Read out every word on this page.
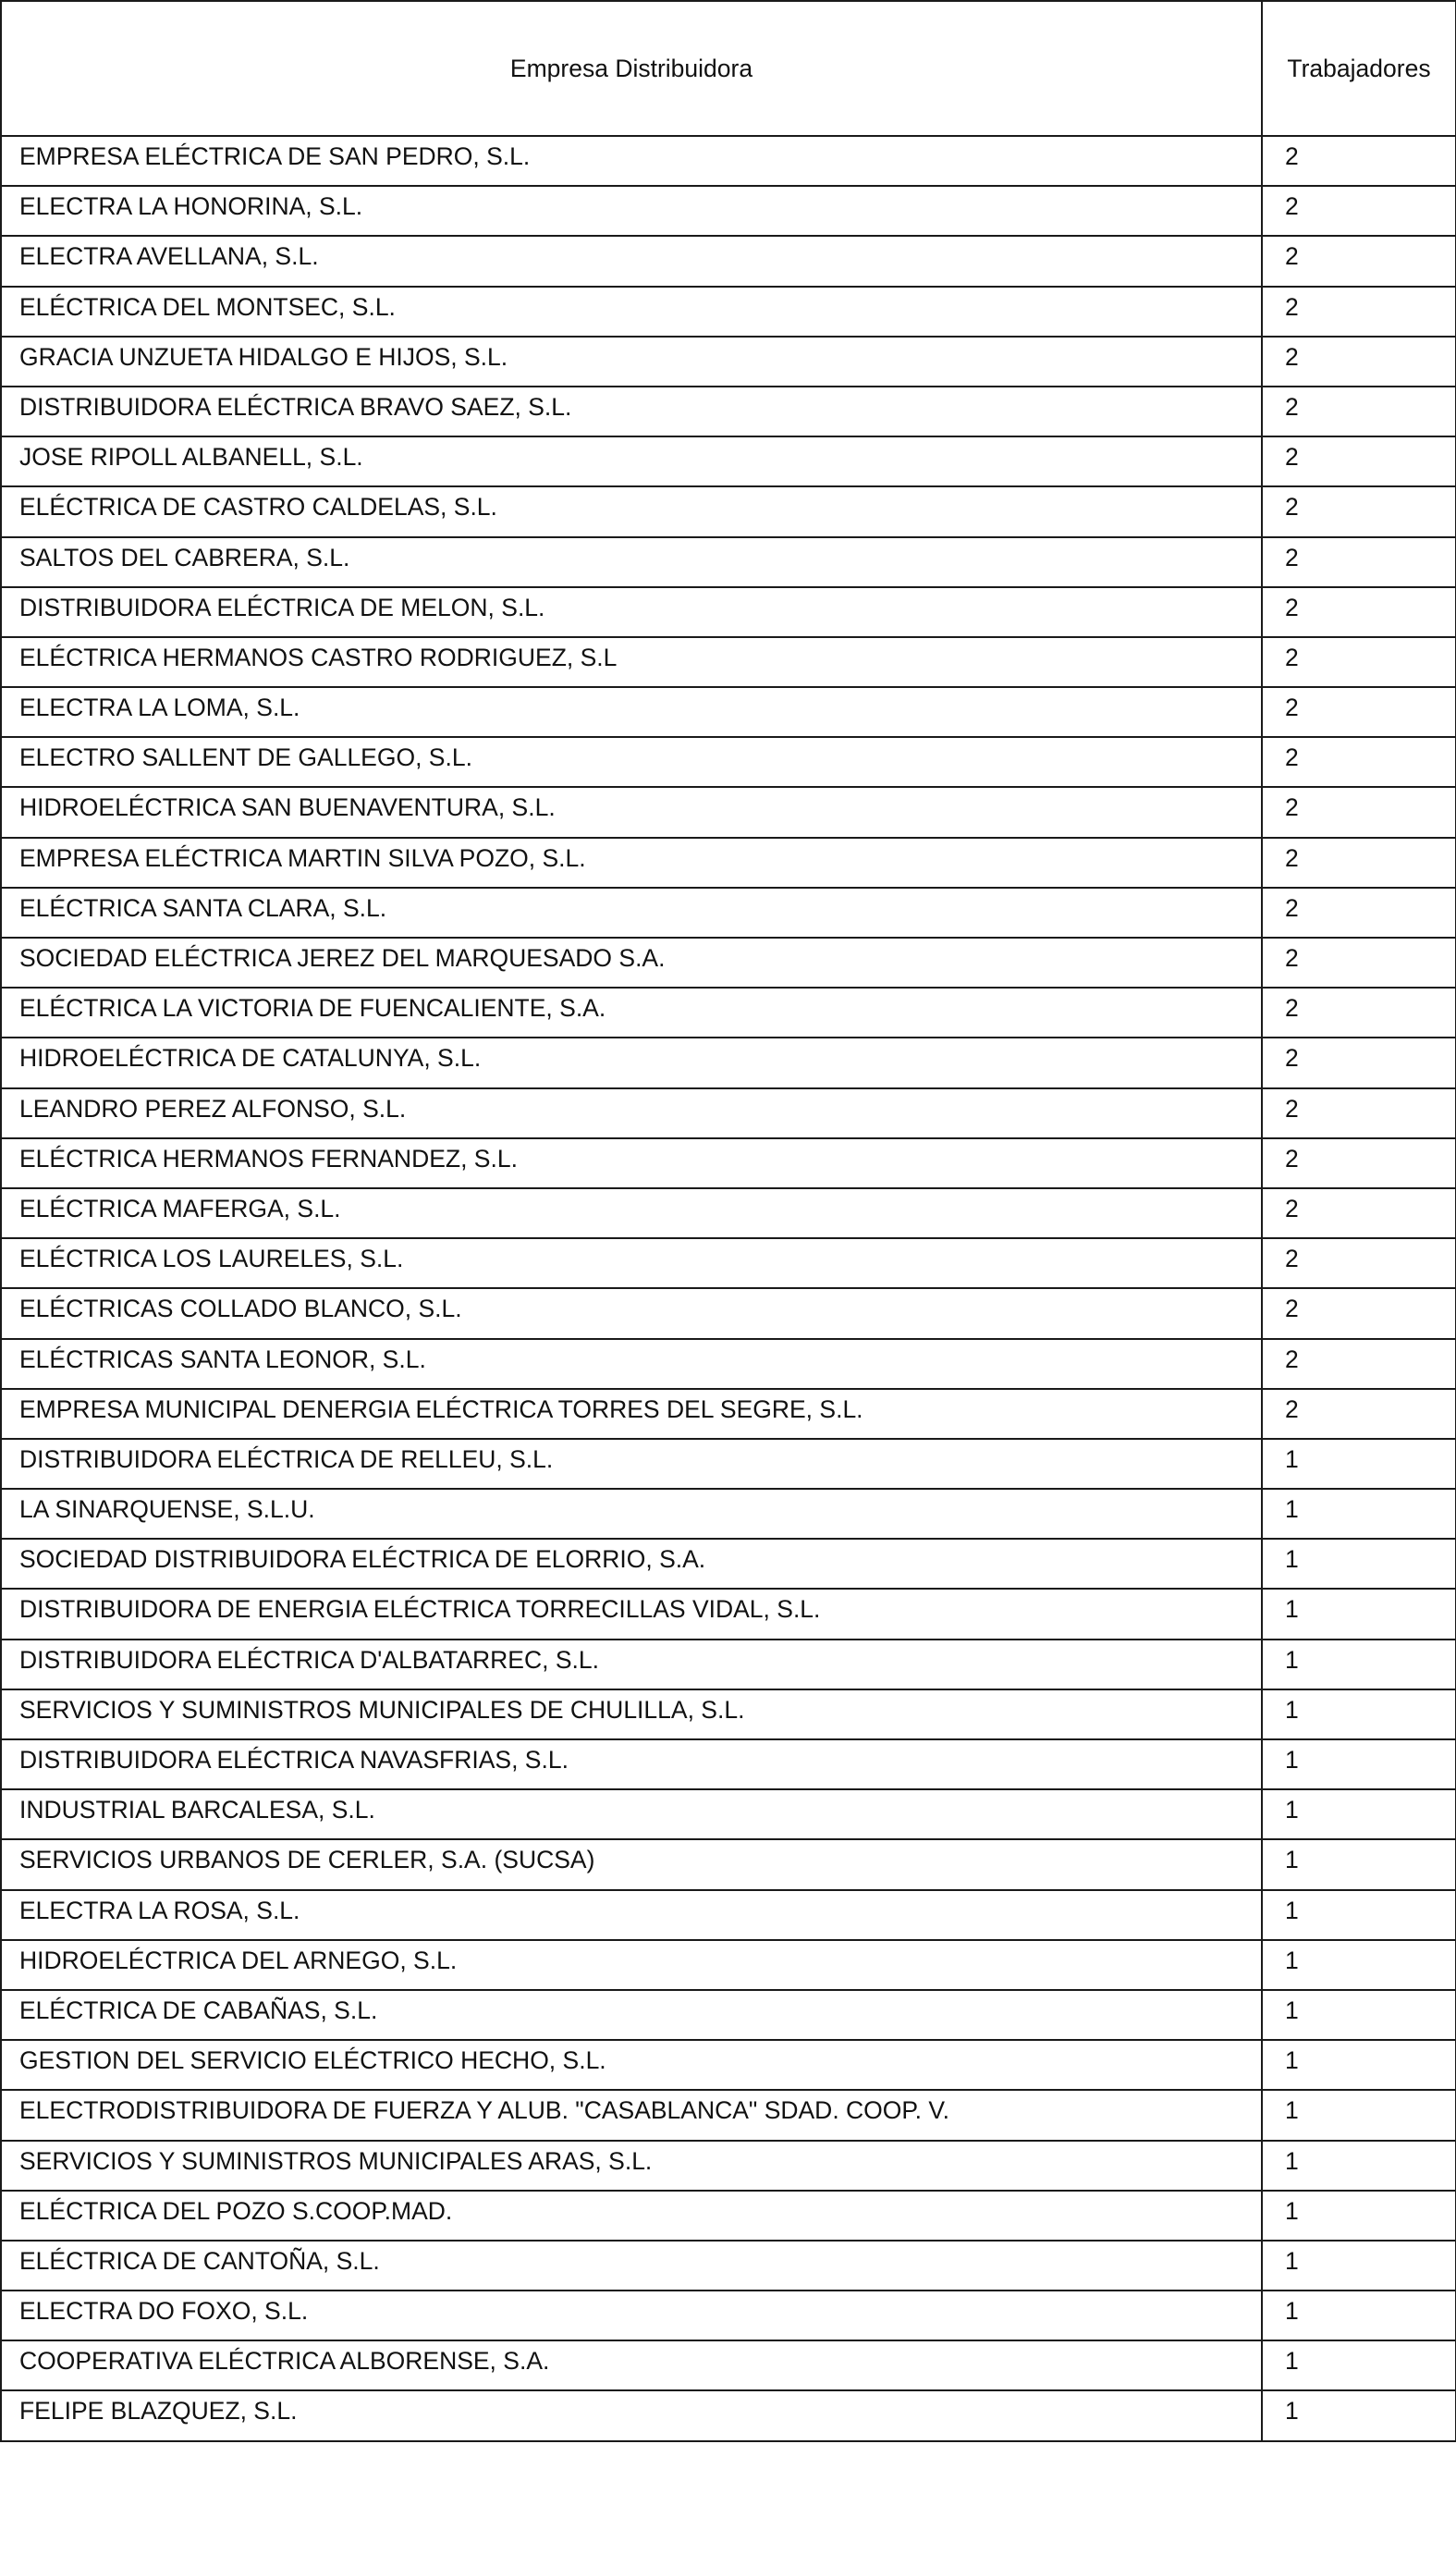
Empresa Distribuidora	Trabajadores
EMPRESA ELÉCTRICA DE SAN PEDRO, S.L.	2
ELECTRA LA HONORINA, S.L.	2
ELECTRA AVELLANA, S.L.	2
ELÉCTRICA DEL MONTSEC, S.L.	2
GRACIA UNZUETA HIDALGO E HIJOS, S.L.	2
DISTRIBUIDORA ELÉCTRICA BRAVO SAEZ, S.L.	2
JOSE RIPOLL ALBANELL, S.L.	2
ELÉCTRICA DE CASTRO CALDELAS, S.L.	2
SALTOS DEL CABRERA, S.L.	2
DISTRIBUIDORA ELÉCTRICA DE MELON, S.L.	2
ELÉCTRICA HERMANOS CASTRO RODRIGUEZ, S.L	2
ELECTRA LA LOMA, S.L.	2
ELECTRO SALLENT DE GALLEGO, S.L.	2
HIDROELÉCTRICA SAN BUENAVENTURA, S.L.	2
EMPRESA ELÉCTRICA MARTIN SILVA POZO, S.L.	2
ELÉCTRICA SANTA CLARA, S.L.	2
SOCIEDAD ELÉCTRICA JEREZ DEL MARQUESADO S.A.	2
ELÉCTRICA LA VICTORIA DE FUENCALIENTE, S.A.	2
HIDROELÉCTRICA DE CATALUNYA, S.L.	2
LEANDRO PEREZ ALFONSO, S.L.	2
ELÉCTRICA HERMANOS FERNANDEZ, S.L.	2
ELÉCTRICA MAFERGA, S.L.	2
ELÉCTRICA LOS LAURELES, S.L.	2
ELÉCTRICAS COLLADO BLANCO, S.L.	2
ELÉCTRICAS SANTA LEONOR, S.L.	2
EMPRESA MUNICIPAL DENERGIA ELÉCTRICA TORRES DEL SEGRE, S.L.	2
DISTRIBUIDORA ELÉCTRICA DE RELLEU, S.L.	1
LA SINARQUENSE, S.L.U.	1
SOCIEDAD DISTRIBUIDORA ELÉCTRICA DE ELORRIO, S.A.	1
DISTRIBUIDORA DE ENERGIA ELÉCTRICA TORRECILLAS VIDAL, S.L.	1
DISTRIBUIDORA ELÉCTRICA D'ALBATARREC, S.L.	1
SERVICIOS Y SUMINISTROS MUNICIPALES DE CHULILLA, S.L.	1
DISTRIBUIDORA ELÉCTRICA NAVASFRIAS, S.L.	1
INDUSTRIAL BARCALESA, S.L.	1
SERVICIOS URBANOS DE CERLER, S.A. (SUCSA)	1
ELECTRA LA ROSA, S.L.	1
HIDROELÉCTRICA DEL ARNEGO, S.L.	1
ELÉCTRICA DE CABAÑAS, S.L.	1
GESTION DEL SERVICIO ELÉCTRICO HECHO, S.L.	1
ELECTRODISTRIBUIDORA DE FUERZA Y ALUB. "CASABLANCA" SDAD. COOP. V.	1
SERVICIOS Y SUMINISTROS MUNICIPALES ARAS, S.L.	1
ELÉCTRICA DEL POZO S.COOP.MAD.	1
ELÉCTRICA DE CANTOÑA, S.L.	1
ELECTRA DO FOXO, S.L.	1
COOPERATIVA ELÉCTRICA ALBORENSE, S.A.	1
FELIPE BLAZQUEZ, S.L.	1
